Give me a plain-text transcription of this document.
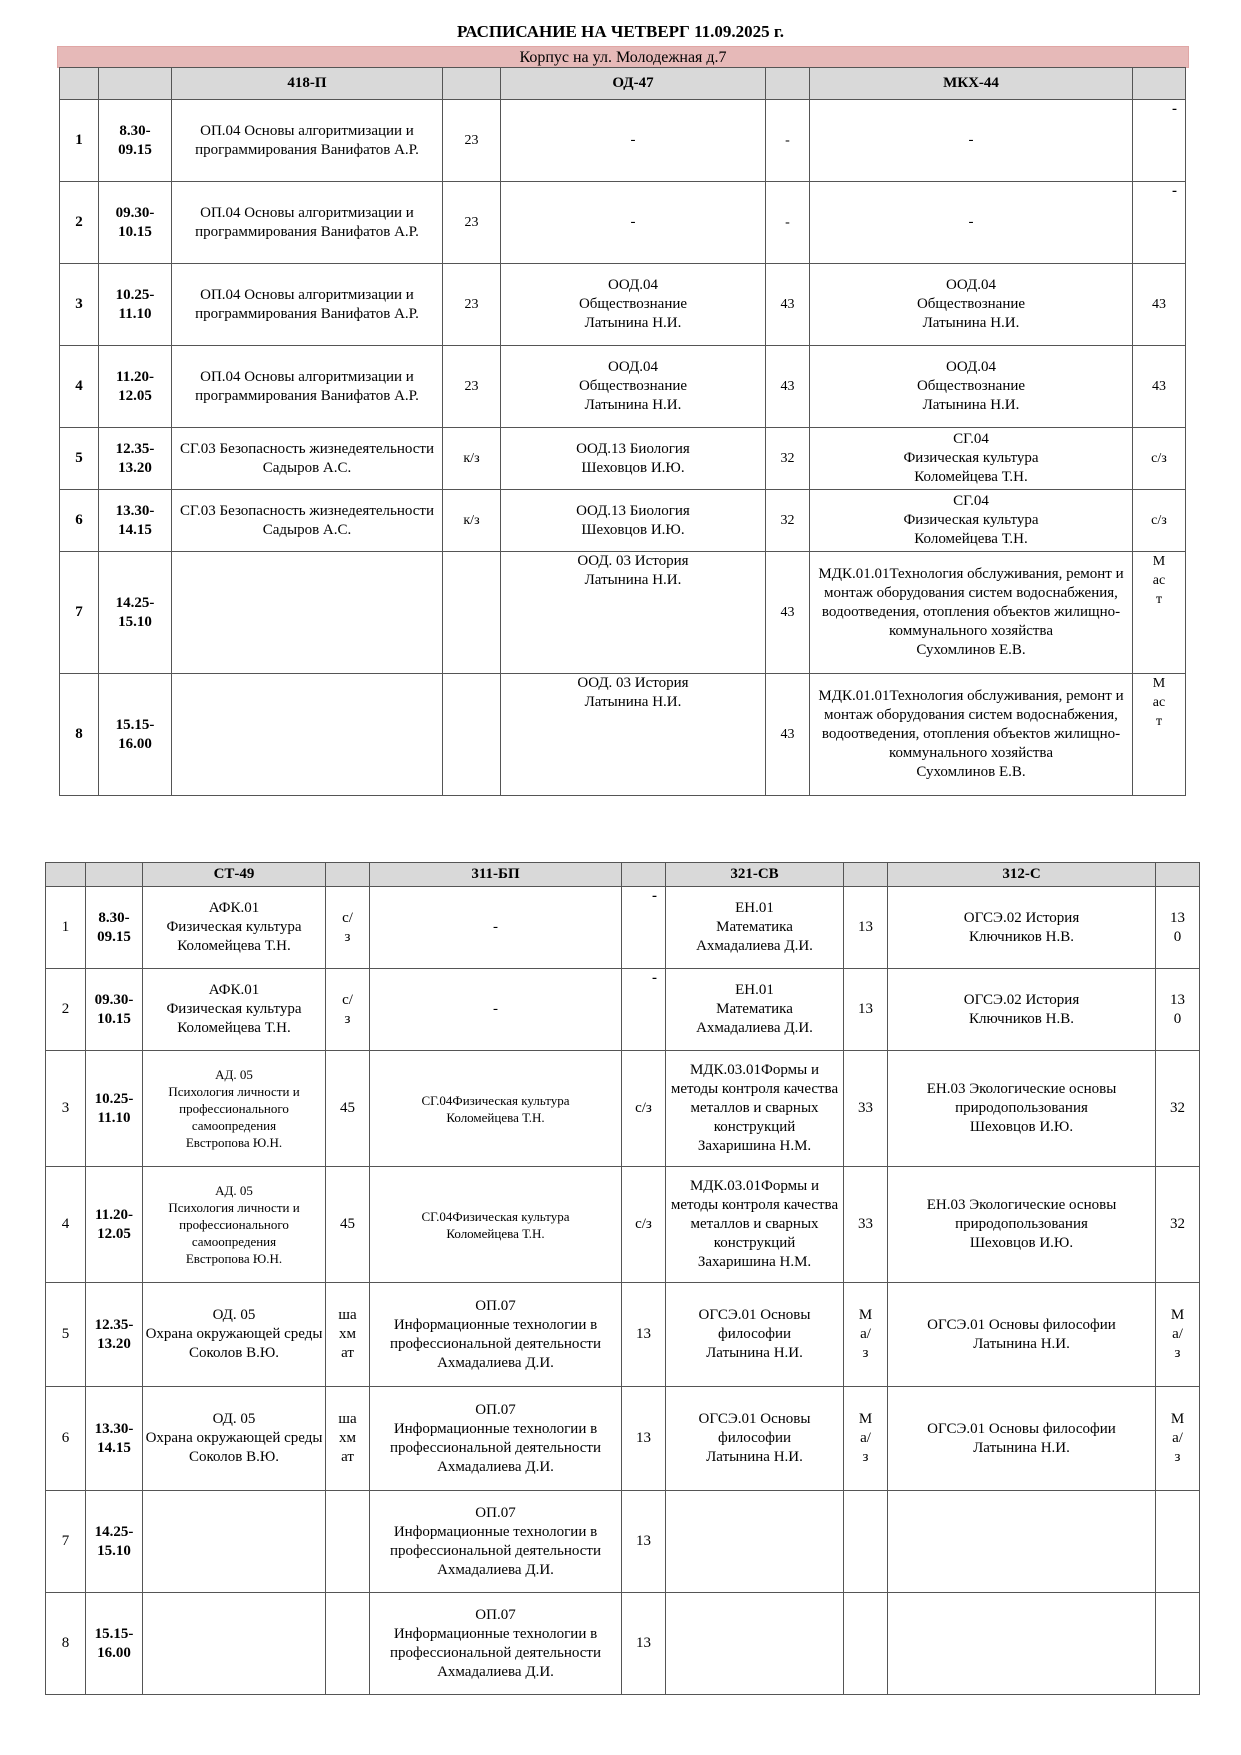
РАСПИСАНИЕ НА ЧЕТВЕРГ 11.09.2025 г.
Корпус на ул. Молодежная д.7
		418-П		ОД-47		МКХ-44	
1	8.30-
09.15	ОП.04 Основы алгоритмизации и программирования Ванифатов А.Р.	23	-	-	-	-
2	09.30-
10.15	ОП.04 Основы алгоритмизации и программирования Ванифатов А.Р.	23	-	-	-	-
3	10.25-
11.10	ОП.04 Основы алгоритмизации и программирования Ванифатов А.Р.	23	ООД.04
Обществознание
Латынина Н.И.	43	ООД.04
Обществознание
Латынина Н.И.	43
4	11.20-
12.05	ОП.04 Основы алгоритмизации и программирования Ванифатов А.Р.	23	ООД.04
Обществознание
Латынина Н.И.	43	ООД.04
Обществознание
Латынина Н.И.	43
5	12.35-
13.20	СГ.03 Безопасность жизнедеятельности
Садыров А.С.	к/з	ООД.13 Биология
Шеховцов И.Ю.	32	СГ.04
Физическая культура
Коломейцева Т.Н.	с/з
6	13.30-
14.15	СГ.03 Безопасность жизнедеятельности
Садыров А.С.	к/з	ООД.13 Биология
Шеховцов И.Ю.	32	СГ.04
Физическая культура
Коломейцева Т.Н.	с/з
7	14.25-
15.10			ООД. 03 История
Латынина Н.И.	43	МДК.01.01Технология обслуживания, ремонт и монтаж оборудования систем водоснабжения, водоотведения, отопления объектов жилищно-коммунального хозяйства
Сухомлинов Е.В.	М
ас
т
8	15.15-
16.00			ООД. 03 История
Латынина Н.И.	43	МДК.01.01Технология обслуживания, ремонт и монтаж оборудования систем водоснабжения, водоотведения, отопления объектов жилищно-коммунального хозяйства
Сухомлинов Е.В.	М
ас
т
		СТ-49		311-БП		321-СВ		312-С	
1	8.30-
09.15	АФК.01
Физическая культура
Коломейцева Т.Н.	с/
з	-	-	ЕН.01
Математика
Ахмадалиева Д.И.	13	ОГСЭ.02 История
Ключников Н.В.	13
0
2	09.30-
10.15	АФК.01
Физическая культура
Коломейцева Т.Н.	с/
з	-	-	ЕН.01
Математика
Ахмадалиева Д.И.	13	ОГСЭ.02 История
Ключников Н.В.	13
0
3	10.25-
11.10	АД. 05
Психология личности и профессионального самоопредения
Евстропова Ю.Н.	45	СГ.04Физическая культура
Коломейцева Т.Н.	с/з	МДК.03.01Формы и методы контроля качества металлов и сварных конструкций
Захаришина Н.М.	33	ЕН.03 Экологические основы природопользования
Шеховцов И.Ю.	32
4	11.20-
12.05	АД. 05
Психология личности и профессионального самоопредения
Евстропова Ю.Н.	45	СГ.04Физическая культура
Коломейцева Т.Н.	с/з	МДК.03.01Формы и методы контроля качества металлов и сварных конструкций
Захаришина Н.М.	33	ЕН.03 Экологические основы природопользования
Шеховцов И.Ю.	32
5	12.35-
13.20	ОД. 05
Охрана окружающей среды
Соколов В.Ю.	ша
хм
ат	ОП.07
Информационные технологии в профессиональной деятельности
Ахмадалиева Д.И.	13	ОГСЭ.01 Основы философии
Латынина Н.И.	М
а/
з	ОГСЭ.01 Основы философии
Латынина Н.И.	М
а/
з
6	13.30-
14.15	ОД. 05
Охрана окружающей среды
Соколов В.Ю.	ша
хм
ат	ОП.07
Информационные технологии в профессиональной деятельности
Ахмадалиева Д.И.	13	ОГСЭ.01 Основы философии
Латынина Н.И.	М
а/
з	ОГСЭ.01 Основы философии
Латынина Н.И.	М
а/
з
7	14.25-
15.10			ОП.07
Информационные технологии в профессиональной деятельности
Ахмадалиева Д.И.	13				
8	15.15-
16.00			ОП.07
Информационные технологии в профессиональной деятельности
Ахмадалиева Д.И.	13				
